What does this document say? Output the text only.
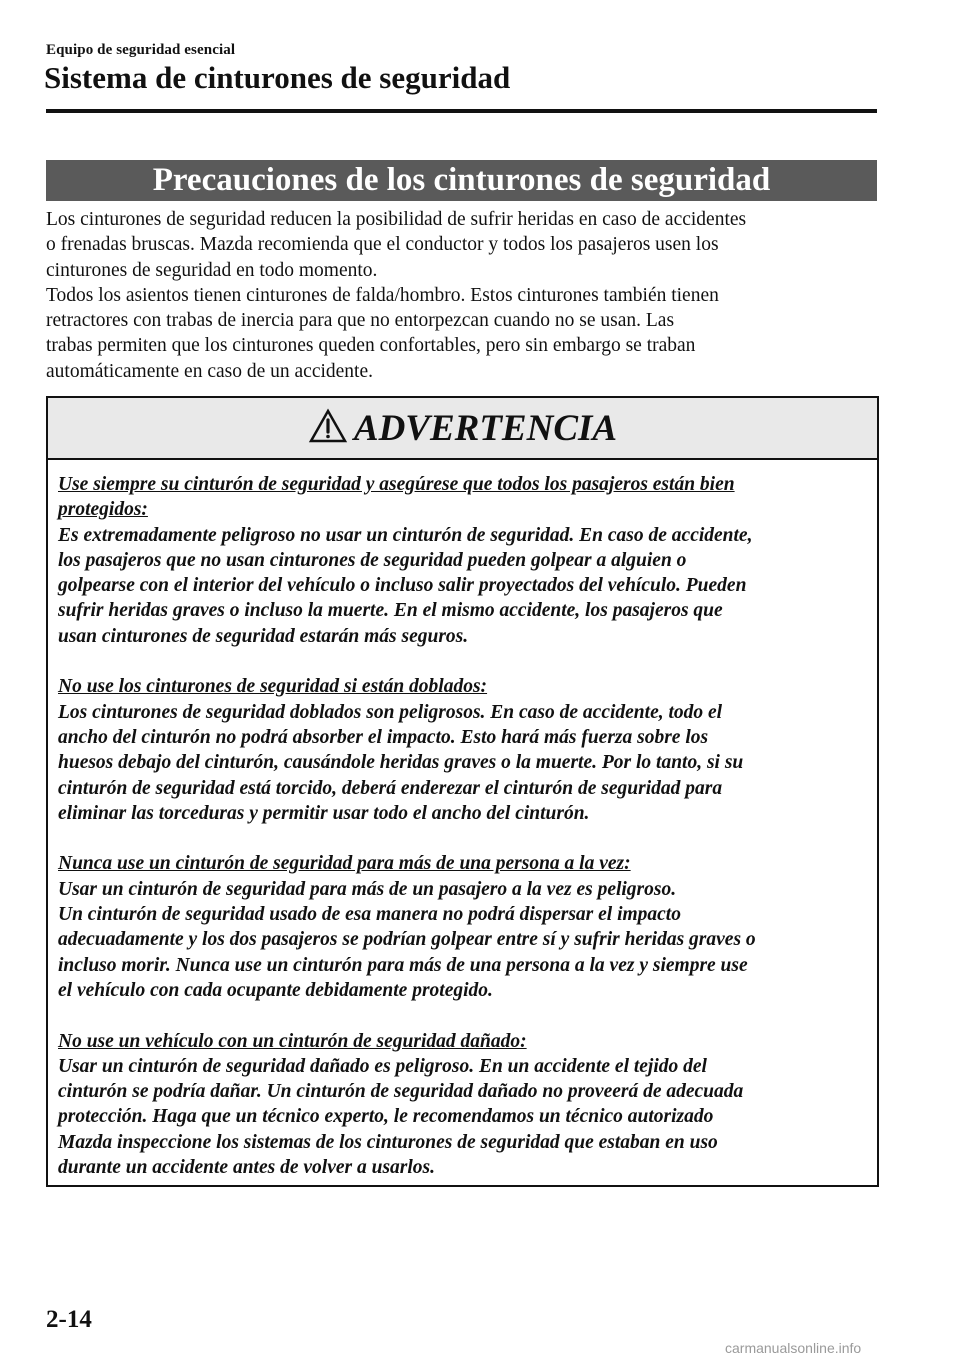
Equipo de seguridad esencial
Sistema de cinturones de seguridad
Precauciones de los cinturones de seguridad
Los cinturones de seguridad reducen la posibilidad de sufrir heridas en caso de accidentes
o frenadas bruscas. Mazda recomienda que el conductor y todos los pasajeros usen los
cinturones de seguridad en todo momento.
Todos los asientos tienen cinturones de falda/hombro. Estos cinturones también tienen
retractores con trabas de inercia para que no entorpezcan cuando no se usan. Las
trabas permiten que los cinturones queden confortables, pero sin embargo se traban
automáticamente en caso de un accidente.
ADVERTENCIA
Use siempre su cinturón de seguridad y asegúrese que todos los pasajeros están bien
protegidos:
Es extremadamente peligroso no usar un cinturón de seguridad. En caso de accidente,
los pasajeros que no usan cinturones de seguridad pueden golpear a alguien o
golpearse con el interior del vehículo o incluso salir proyectados del vehículo. Pueden
sufrir heridas graves o incluso la muerte. En el mismo accidente, los pasajeros que
usan cinturones de seguridad estarán más seguros.
No use los cinturones de seguridad si están doblados:
Los cinturones de seguridad doblados son peligrosos. En caso de accidente, todo el
ancho del cinturón no podrá absorber el impacto. Esto hará más fuerza sobre los
huesos debajo del cinturón, causándole heridas graves o la muerte. Por lo tanto, si su
cinturón de seguridad está torcido, deberá enderezar el cinturón de seguridad para
eliminar las torceduras y permitir usar todo el ancho del cinturón.
Nunca use un cinturón de seguridad para más de una persona a la vez:
Usar un cinturón de seguridad para más de un pasajero a la vez es peligroso.
Un cinturón de seguridad usado de esa manera no podrá dispersar el impacto
adecuadamente y los dos pasajeros se podrían golpear entre sí y sufrir heridas graves o
incluso morir. Nunca use un cinturón para más de una persona a la vez y siempre use
el vehículo con cada ocupante debidamente protegido.
No use un vehículo con un cinturón de seguridad dañado:
Usar un cinturón de seguridad dañado es peligroso. En un accidente el tejido del
cinturón se podría dañar. Un cinturón de seguridad dañado no proveerá de adecuada
protección. Haga que un técnico experto, le recomendamos un técnico autorizado
Mazda inspeccione los sistemas de los cinturones de seguridad que estaban en uso
durante un accidente antes de volver a usarlos.
2-14
carmanualsonline.info
